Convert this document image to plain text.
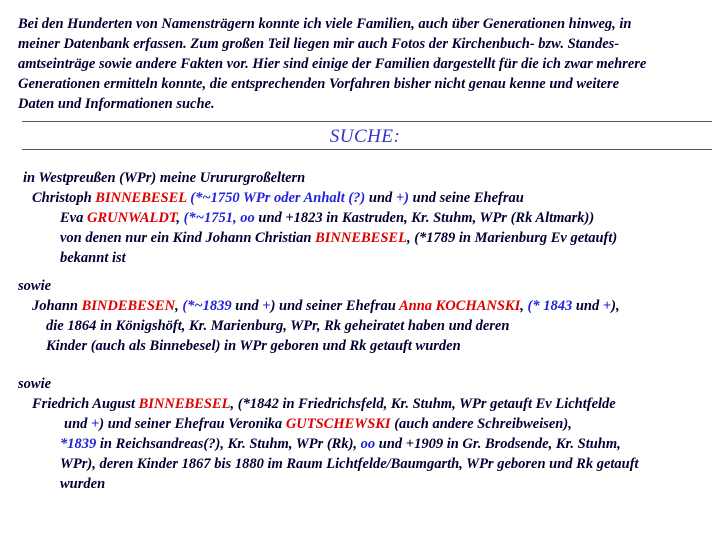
Bei den Hunderten von Namensträgern konnte ich viele Familien, auch über Generationen hinweg, in
meiner Datenbank erfassen. Zum großen Teil liegen mir auch Fotos der Kirchenbuch- bzw. Standes-
amtseinträge sowie andere Fakten vor. Hier sind einige der Familien dargestellt für die ich zwar mehrere
Generationen ermitteln konnte, die entsprechenden Vorfahren bisher nicht genau kenne und weitere
Daten und Informationen suche.
SUCHE:
in Westpreußen (WPr) meine Urururgroßeltern
Christoph BINNEBESEL (*~1750 WPr oder Anhalt (?) und +) und seine Ehefrau
Eva GRUNWALDT, (*~1751, oo und +1823 in Kastruden, Kr. Stuhm, WPr (Rk Altmark))
von denen nur ein Kind Johann Christian BINNEBESEL, (*1789 in Marienburg Ev getauft)
bekannt ist
sowie
Johann BINDEBESEN, (*~1839 und +) und seiner Ehefrau Anna KOCHANSKI, (* 1843 und +),
die 1864 in Königshöft, Kr. Marienburg, WPr, Rk geheiratet haben und deren
Kinder (auch als Binnebesel) in WPr geboren und Rk getauft wurden
sowie
Friedrich August BINNEBESEL, (*1842 in Friedrichsfeld, Kr. Stuhm, WPr getauft Ev Lichtfelde
und +) und seiner Ehefrau Veronika GUTSCHEWSKI (auch andere Schreibweisen),
*1839 in Reichsandreas(?), Kr. Stuhm, WPr (Rk), oo und +1909 in Gr. Brodsende, Kr. Stuhm,
WPr), deren Kinder 1867 bis 1880 im Raum Lichtfelde/Baumgarth, WPr geboren und Rk getauft
wurden
